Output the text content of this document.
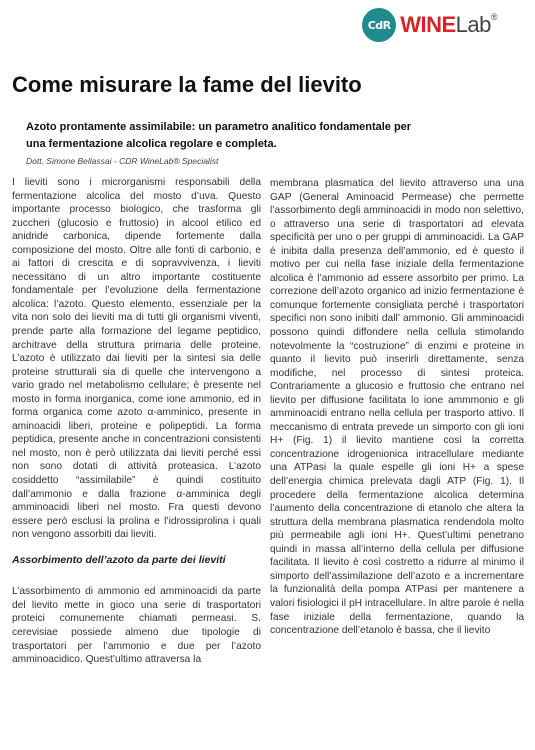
CdR WINELab®
Come misurare la fame del lievito
Azoto prontamente assimilabile: un parametro analitico fondamentale per una fermentazione alcolica regolare e completa.
Dott. Simone Bellassai - CDR WineLab® Specialist

I lieviti sono i microrganismi responsabili della fermentazione alcolica del mosto d’uva. Questo importante processo biologico, che trasforma gli zuccheri (glucosio e fruttosio) in alcool etilico ed anidride carbonica, dipende fortemente dalla composizione del mosto. Oltre alle fonti di carbonio, e ai fattori di crescita e di sopravvivenza, i lieviti necessitano di un altro importante costituente fondamentale per l’evoluzione della fermentazione alcolica: l’azoto. Questo elemento, essenziale per la vita non solo dei lieviti ma di tutti gli organismi viventi, prende parte alla formazione del legame peptidico, architrave della struttura primaria delle proteine. L’azoto è utilizzato dai lieviti per la sintesi sia delle proteine strutturali sia di quelle che intervengono a vario grado nel metabolismo cellulare; è presente nel mosto in forma inorganica, come ione ammonio, ed in forma organica come azoto α-amminico, presente in aminoacidi liberi, proteine e polipeptidi. La forma peptidica, presente anche in concentrazioni consistenti nel mosto, non è però utilizzata dai lieviti perché essi non sono dotati di attività proteasica. L’azoto cosiddetto “assimilabile” è quindi costituito dall’ammonio e dalla frazione α-amminica degli amminoacidi liberi nel mosto. Fra questi devono essere però esclusi la prolina e l’idrossiprolina i quali non vengono assorbiti dai lieviti.

Assorbimento dell’azoto da parte dei lieviti

L’assorbimento di ammonio ed amminoacidi da parte del lievito mette in gioco una serie di trasportatori proteici comunemente chiamati permeasi. S. cerevisiae possiede almeno due tipologie di trasportatori per l’ammonio e due per l’azoto amminoacidico. Quest’ultimo attraversa la

membrana plasmatica del lievito attraverso una una GAP (General Aminoacid Permease) che permette l’assorbimento degli amminoacidi in modo non selettivo, o attraverso una serie di trasportatori ad elevata specificità per uno o per gruppi di amminoacidi. La GAP è inibita dalla presenza dell’ammonio, ed è questo il motivo per cui nella fase iniziale della fermentazione alcolica è l’ammonio ad essere assorbito per primo. La correzione dell’azoto organico ad inizio fermentazione è comunque fortemente consigliata perché i trasportatori specifici non sono inibiti dall’ ammonio. Gli amminoacidi possono quindi diffondere nella cellula stimolando notevolmente la “costruzione” di enzimi e proteine in quanto il lievito può inserirli direttamente, senza modifiche, nel processo di sintesi proteica. Contrariamente a glucosio e fruttosio che entrano nel lievito per diffusione facilitata lo ione ammmonio e gli amminoacidi entrano nella cellula per trasporto attivo. Il meccanismo di entrata prevede un simporto con gli ioni H+ (Fig. 1) il lievito mantiene così la corretta concentrazione idrogenionica intracellulare mediante una ATPasi la quale espelle gli ioni H+ a spese dell’energia chimica prelevata dagli ATP (Fig. 1). Il procedere della fermentazione alcolica determina l’aumento della concentrazione di etanolo che altera la struttura della membrana plasmatica rendendola molto più permeabile agli ioni H+. Quest’ultimi penetrano quindi in massa all’interno della cellula per diffusione facilitata. Il lievito è così costretto a ridurre al minimo il simporto dell’assimilazione dell’azoto e a incrementare la funzionalità della pompa ATPasi per mantenere a valori fisiologici il pH intracellulare. In altre parole è nella fase iniziale della fermentazione, quando la concentrazione dell’etanolo è bassa, che il lievito
